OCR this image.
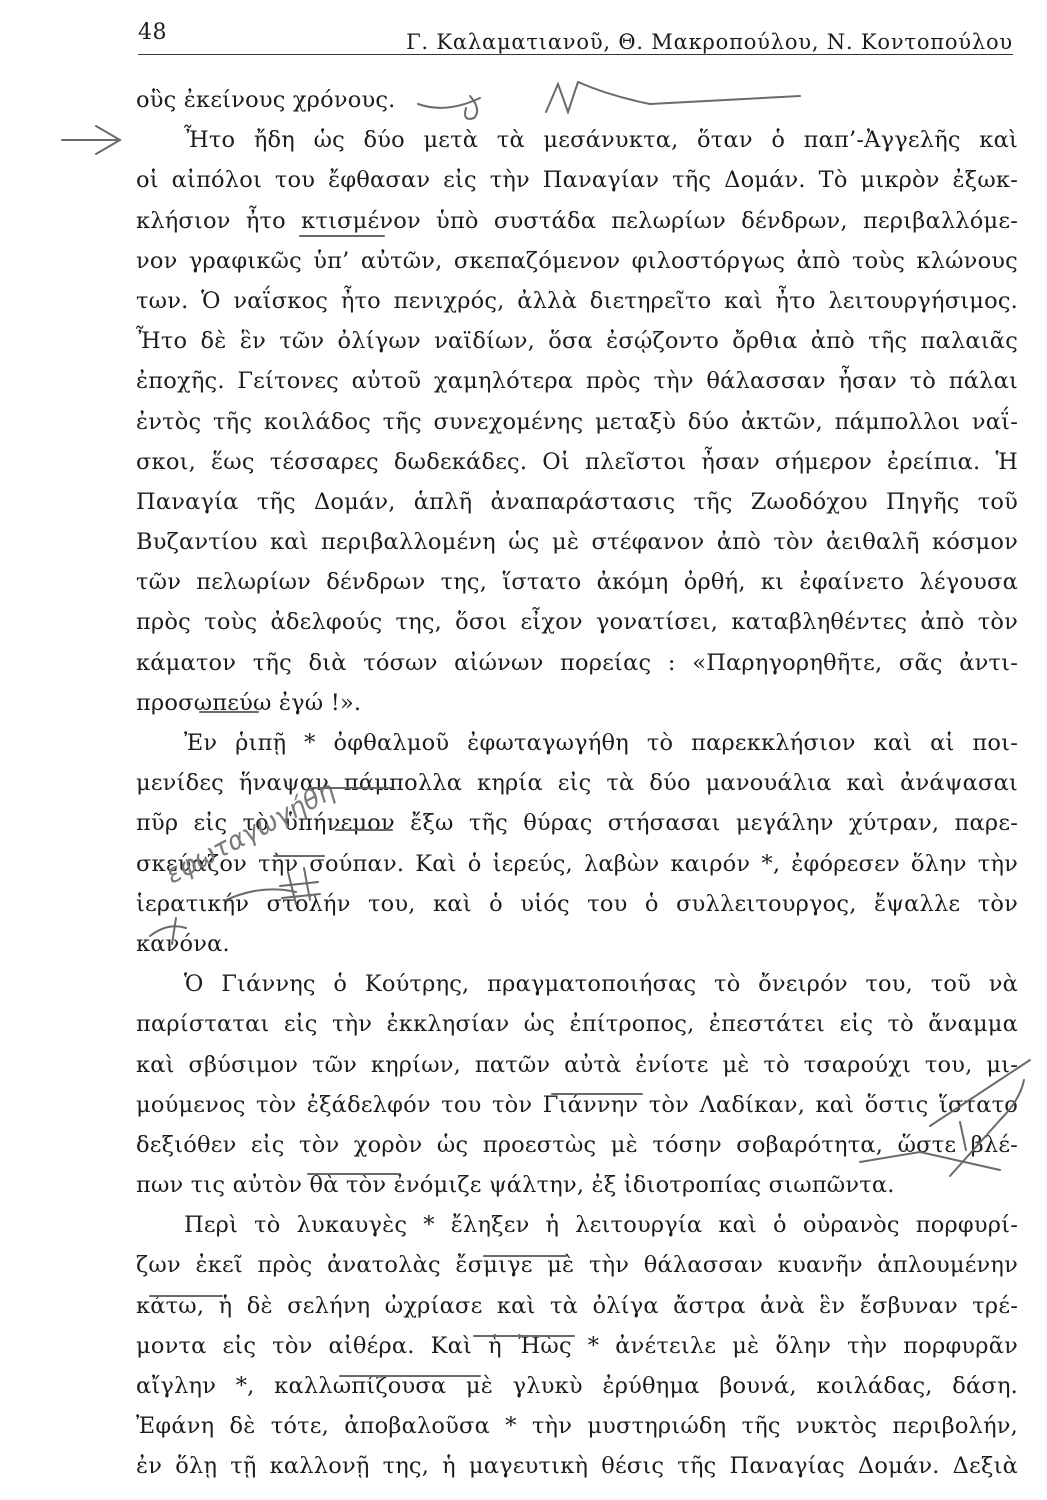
48	Γ. Καλαματιανοῦ, Θ. Μακροπούλου, Ν. Κοντοπούλου
οὓς ἐκείνους χρόνους.
Ἦτο ἤδη ὡς δύο μετὰ τὰ μεσάνυκτα, ὅταν ὁ παπ’-Ἀγγελῆς καὶ
οἱ αἰπόλοι του ἔφθασαν εἰς τὴν Παναγίαν τῆς Δομάν. Τὸ μικρὸν ἐξωκ-
κλήσιον ἦτο κτισμένον ὑπὸ συστάδα πελωρίων δένδρων, περιβαλλόμε-
νον γραφικῶς ὑπ’ αὐτῶν, σκεπαζόμενον φιλοστόργως ἀπὸ τοὺς κλώνους
των. Ὁ ναΐσκος ἦτο πενιχρός, ἀλλὰ διετηρεῖτο καὶ ἦτο λειτουργήσιμος.
Ἦτο δὲ ἓν τῶν ὀλίγων ναϊδίων, ὅσα ἐσῴζοντο ὄρθια ἀπὸ τῆς παλαιᾶς
ἐποχῆς. Γείτονες αὐτοῦ χαμηλότερα πρὸς τὴν θάλασσαν ἦσαν τὸ πάλαι
ἐντὸς τῆς κοιλάδος τῆς συνεχομένης μεταξὺ δύο ἀκτῶν, πάμπολλοι ναΐ-
σκοι, ἕως τέσσαρες δωδεκάδες. Οἱ πλεῖστοι ἦσαν σήμερον ἐρείπια. Ἡ
Παναγία τῆς Δομάν, ἁπλῆ ἀναπαράστασις τῆς Ζωοδόχου Πηγῆς τοῦ
Βυζαντίου καὶ περιβαλλομένη ὡς μὲ στέφανον ἀπὸ τὸν ἀειθαλῆ κόσμον
τῶν πελωρίων δένδρων της, ἵστατο ἀκόμη ὀρθή, κι ἐφαίνετο λέγουσα
πρὸς τοὺς ἀδελφούς της, ὅσοι εἶχον γονατίσει, καταβληθέντες ἀπὸ τὸν
κάματον τῆς διὰ τόσων αἰώνων πορείας : «Παρηγορηθῆτε, σᾶς ἀντι-
προσωπεύω ἐγώ !».
Ἐν ῥιπῇ * ὀφθαλμοῦ ἐφωταγωγήθη τὸ παρεκκλήσιον καὶ αἱ ποι-
μενίδες ἥναψαν πάμπολλα κηρία εἰς τὰ δύο μανουάλια καὶ ἀνάψασαι
πῦρ εἰς τὸ ὑπήνεμον ἔξω τῆς θύρας στήσασαι μεγάλην χύτραν, παρε-
σκεύαζον τὴν σούπαν. Καὶ ὁ ἱερεύς, λαβὼν καιρόν *, ἐφόρεσεν ὅλην τὴν
ἱερατικήν στολήν του, καὶ ὁ υἱός του ὁ συλλειτουργος, ἔψαλλε τὸν
κανόνα.
Ὁ Γιάννης ὁ Κούτρης, πραγματοποιήσας τὸ ὄνειρόν του, τοῦ νὰ
παρίσταται εἰς τὴν ἐκκλησίαν ὡς ἐπίτροπος, ἐπεστάτει εἰς τὸ ἄναμμα
καὶ σβύσιμον τῶν κηρίων, πατῶν αὐτὰ ἐνίοτε μὲ τὸ τσαρούχι του, μι-
μούμενος τὸν ἐξάδελφόν του τὸν Γιάννην τὸν Λαδίκαν, καὶ ὅστις ἵστατο
δεξιόθεν εἰς τὸν χορὸν ὡς προεστὼς μὲ τόσην σοβαρότητα, ὥστε βλέ-
πων τις αὐτὸν θὰ τὸν ἐνόμιζε ψάλτην, ἐξ ἰδιοτροπίας σιωπῶντα.
Περὶ τὸ λυκαυγὲς * ἔληξεν ἡ λειτουργία καὶ ὁ οὐρανὸς πορφυρί-
ζων ἐκεῖ πρὸς ἀνατολὰς ἔσμιγε μὲ τὴν θάλασσαν κυανῆν ἁπλουμένην
κάτω, ἡ δὲ σελήνη ὠχρίασε καὶ τὰ ὀλίγα ἄστρα ἀνὰ ἓν ἔσβυναν τρέ-
μοντα εἰς τὸν αἰθέρα. Καὶ ἡ Ἠὼς * ἀνέτειλε μὲ ὅλην τὴν πορφυρᾶν
αἴγλην *, καλλωπίζουσα μὲ γλυκὺ ἐρύθημα βουνά, κοιλάδας, δάση.
Ἐφάνη δὲ τότε, ἀποβαλοῦσα * τὴν μυστηριώδη τῆς νυκτὸς περιβολήν,
ἐν ὅλῃ τῇ καλλονῇ της, ἡ μαγευτικὴ θέσις τῆς Παναγίας Δομάν. Δεξιὰ
εφωταγωγήθη
